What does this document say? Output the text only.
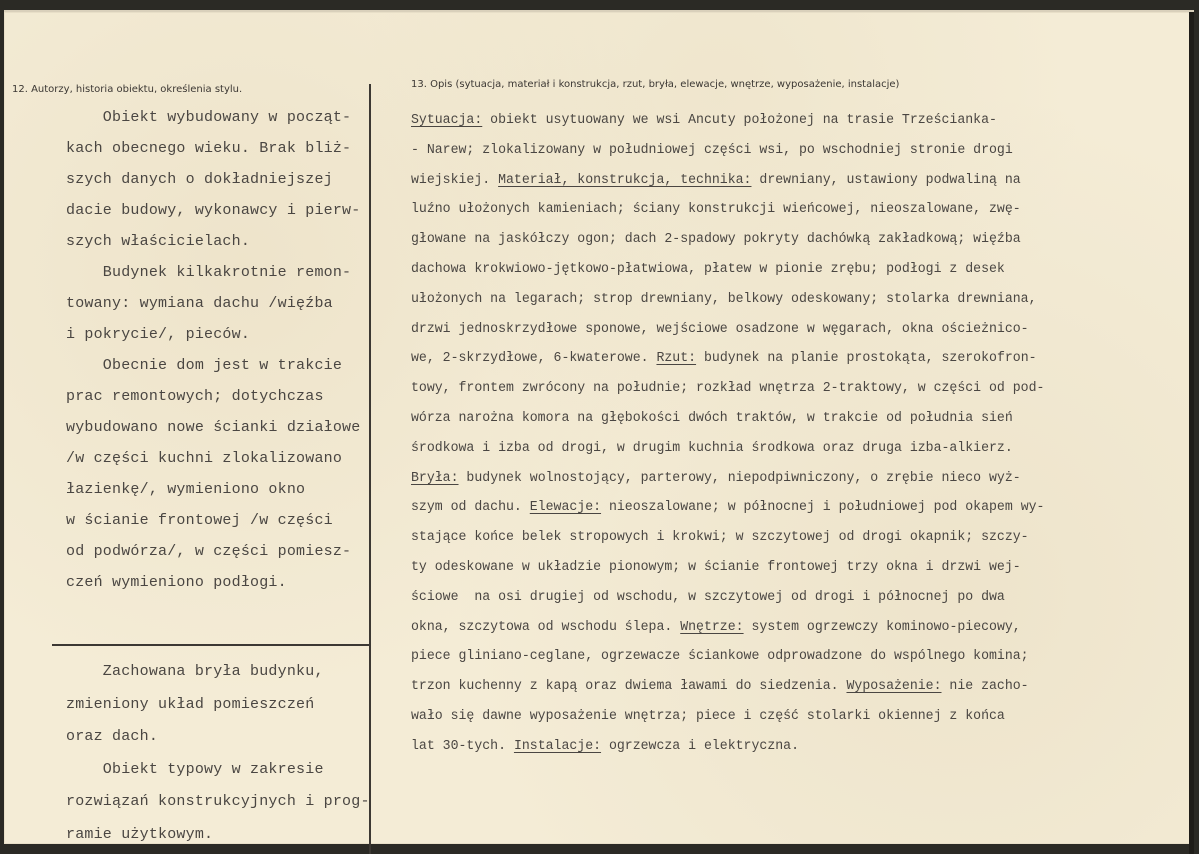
12. Autorzy, historia obiektu, określenia stylu.	13. Opis (sytuacja, materiał i konstrukcja, rzut, bryła, elewacje, wnętrze, wyposażenie, instalacje)
Obiekt wybudowany w począt-
kach obecnego wieku. Brak bliż-
szych danych o dokładniejszej
dacie budowy, wykonawcy i pierw-
szych właścicielach.
Budynek kilkakrotnie remon-
towany: wymiana dachu /więźba
i pokrycie/, pieców.
Obecnie dom jest w trakcie
prac remontowych; dotychczas
wybudowano nowe ścianki działowe
/w części kuchni zlokalizowano
łazienkę/, wymieniono okno
w ścianie frontowej /w części
od podwórza/, w części pomiesz-
czeń wymieniono podłogi.
Zachowana bryła budynku,
zmieniony układ pomieszczeń
oraz dach.
Obiekt typowy w zakresie
rozwiązań konstrukcyjnych i prog-
ramie użytkowym.
Sytuacja: obiekt usytuowany we wsi Ancuty położonej na trasie Trześcianka-
- Narew; zlokalizowany w południowej części wsi, po wschodniej stronie drogi
wiejskiej. Materiał, konstrukcja, technika: drewniany, ustawiony podwaliną na
luźno ułożonych kamieniach; ściany konstrukcji wieńcowej, nieoszalowane, zwę-
głowane na jaskółczy ogon; dach 2-spadowy pokryty dachówką zakładkową; więźba
dachowa krokwiowo-jętkowo-płatwiowa, płatew w pionie zrębu; podłogi z desek
ułożonych na legarach; strop drewniany, belkowy odeskowany; stolarka drewniana,
drzwi jednoskrzydłowe sponowe, wejściowe osadzone w węgarach, okna ościeżnico-
we, 2-skrzydłowe, 6-kwaterowe. Rzut: budynek na planie prostokąta, szerokofron-
towy, frontem zwrócony na południe; rozkład wnętrza 2-traktowy, w części od pod-
wórza narożna komora na głębokości dwóch traktów, w trakcie od południa sień
środkowa i izba od drogi, w drugim kuchnia środkowa oraz druga izba-alkierz.
Bryła: budynek wolnostojący, parterowy, niepodpiwniczony, o zrębie nieco wyż-
szym od dachu. Elewacje: nieoszalowane; w północnej i południowej pod okapem wy-
stające końce belek stropowych i krokwi; w szczytowej od drogi okapnik; szczy-
ty odeskowane w układzie pionowym; w ścianie frontowej trzy okna i drzwi wej-
ściowe  na osi drugiej od wschodu, w szczytowej od drogi i północnej po dwa
okna, szczytowa od wschodu ślepa. Wnętrze: system ogrzewczy kominowo-piecowy,
piece gliniano-ceglane, ogrzewacze ściankowe odprowadzone do wspólnego komina;
trzon kuchenny z kapą oraz dwiema ławami do siedzenia. Wyposażenie: nie zacho-
wało się dawne wyposażenie wnętrza; piece i część stolarki okiennej z końca
lat 30-tych. Instalacje: ogrzewcza i elektryczna.
